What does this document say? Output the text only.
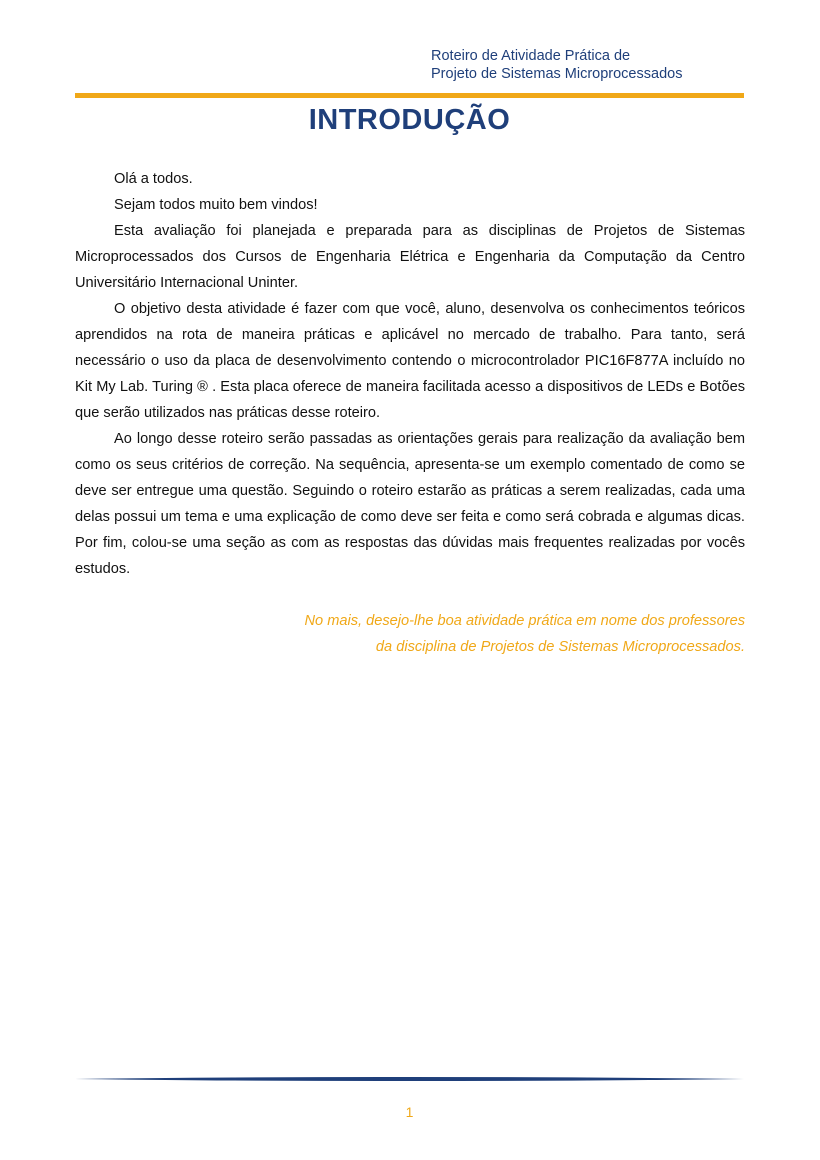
Roteiro de Atividade Prática de
Projeto de Sistemas Microprocessados
INTRODUÇÃO

Olá a todos.

Sejam todos muito bem vindos!

Esta avaliação foi planejada e preparada para as disciplinas de Projetos de Sistemas Microprocessados dos Cursos de Engenharia Elétrica e Engenharia da Computação da Centro Universitário Internacional Uninter.

O objetivo desta atividade é fazer com que você, aluno, desenvolva os conhecimentos teóricos aprendidos na rota de maneira práticas e aplicável no mercado de trabalho. Para tanto, será necessário o uso da placa de desenvolvimento contendo o microcontrolador PIC16F877A incluído no Kit My Lab. Turing ® . Esta placa oferece de maneira facilitada acesso a dispositivos de LEDs e Botões que serão utilizados nas práticas desse roteiro.

Ao longo desse roteiro serão passadas as orientações gerais para realização da avaliação bem como os seus critérios de correção. Na sequência, apresenta-se um exemplo comentado de como se deve ser entregue uma questão. Seguindo o roteiro estarão as práticas a serem realizadas, cada uma delas possui um tema e uma explicação de como deve ser feita e como será cobrada e algumas dicas. Por fim, colou-se uma seção as com as respostas das dúvidas mais frequentes realizadas por vocês estudos.

No mais, desejo-lhe boa atividade prática em nome dos professores
da disciplina de Projetos de Sistemas Microprocessados.
1
